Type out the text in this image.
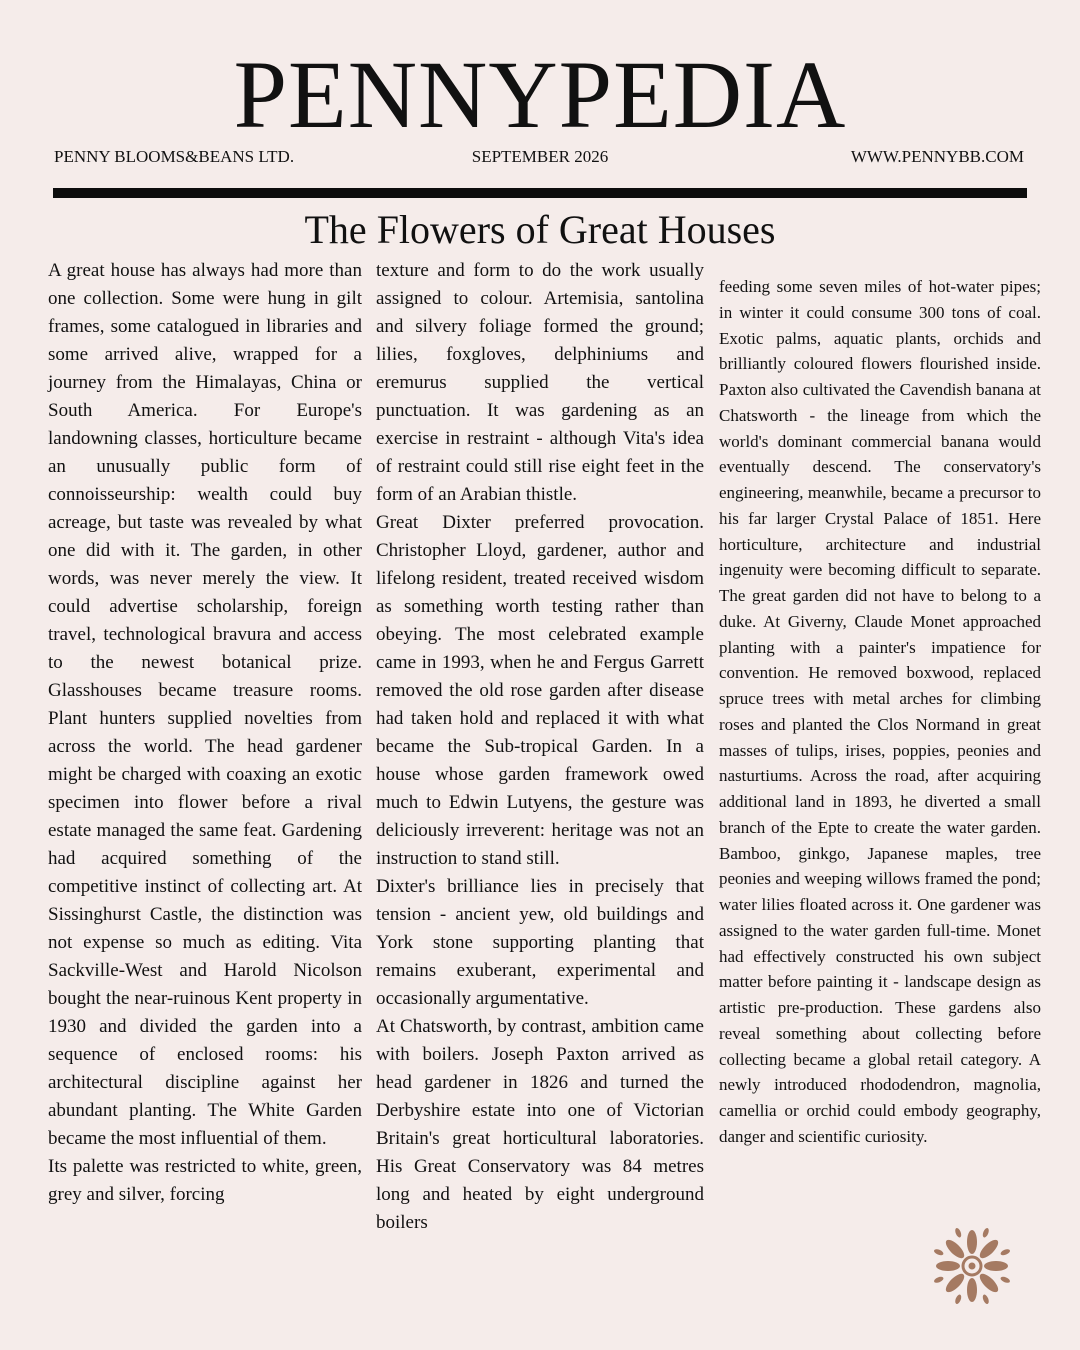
PENNYPEDIA
PENNY BLOOMS&BEANS LTD.	SEPTEMBER 2026	WWW.PENNYBB.COM
The Flowers of Great Houses

A great house has always had more than one collection. Some were hung in gilt frames, some catalogued in libraries and some arrived alive, wrapped for a journey from the Himalayas, China or South America. For Europe's landowning classes, horticulture became an unusually public form of connoisseurship: wealth could buy acreage, but taste was revealed by what one did with it. The garden, in other words, was never merely the view. It could advertise scholarship, foreign travel, technological bravura and access to the newest botanical prize. Glasshouses became treasure rooms. Plant hunters supplied novelties from across the world. The head gardener might be charged with coaxing an exotic specimen into flower before a rival estate managed the same feat. Gardening had acquired something of the competitive instinct of collecting art. At Sissinghurst Castle, the distinction was not expense so much as editing. Vita Sackville-West and Harold Nicolson bought the near-ruinous Kent property in 1930 and divided the garden into a sequence of enclosed rooms: his architectural discipline against her abundant planting. The White Garden became the most influential of them.

Its palette was restricted to white, green, grey and silver, forcing

texture and form to do the work usually assigned to colour. Artemisia, santolina and silvery foliage formed the ground; lilies, foxgloves, delphiniums and eremurus supplied the vertical punctuation. It was gardening as an exercise in restraint - although Vita's idea of restraint could still rise eight feet in the form of an Arabian thistle.

Great Dixter preferred provocation. Christopher Lloyd, gardener, author and lifelong resident, treated received wisdom as something worth testing rather than obeying. The most celebrated example came in 1993, when he and Fergus Garrett removed the old rose garden after disease had taken hold and replaced it with what became the Sub-tropical Garden. In a house whose garden framework owed much to Edwin Lutyens, the gesture was deliciously irreverent: heritage was not an instruction to stand still.

Dixter's brilliance lies in precisely that tension - ancient yew, old buildings and York stone supporting planting that remains exuberant, experimental and occasionally argumentative.

At Chatsworth, by contrast, ambition came with boilers. Joseph Paxton arrived as head gardener in 1826 and turned the Derbyshire estate into one of Victorian Britain's great horticultural laboratories. His Great Conservatory was 84 metres long and heated by eight underground boilers

feeding some seven miles of hot-water pipes; in winter it could consume 300 tons of coal. Exotic palms, aquatic plants, orchids and brilliantly coloured flowers flourished inside. Paxton also cultivated the Cavendish banana at Chatsworth - the lineage from which the world's dominant commercial banana would eventually descend. The conservatory's engineering, meanwhile, became a precursor to his far larger Crystal Palace of 1851. Here horticulture, architecture and industrial ingenuity were becoming difficult to separate. The great garden did not have to belong to a duke. At Giverny, Claude Monet approached planting with a painter's impatience for convention. He removed boxwood, replaced spruce trees with metal arches for climbing roses and planted the Clos Normand in great masses of tulips, irises, poppies, peonies and nasturtiums. Across the road, after acquiring additional land in 1893, he diverted a small branch of the Epte to create the water garden. Bamboo, ginkgo, Japanese maples, tree peonies and weeping willows framed the pond; water lilies floated across it. One gardener was assigned to the water garden full-time. Monet had effectively constructed his own subject matter before painting it - landscape design as artistic pre-production. These gardens also reveal something about collecting before collecting became a global retail category. A newly introduced rhododendron, magnolia, camellia or orchid could embody geography, danger and scientific curiosity.
